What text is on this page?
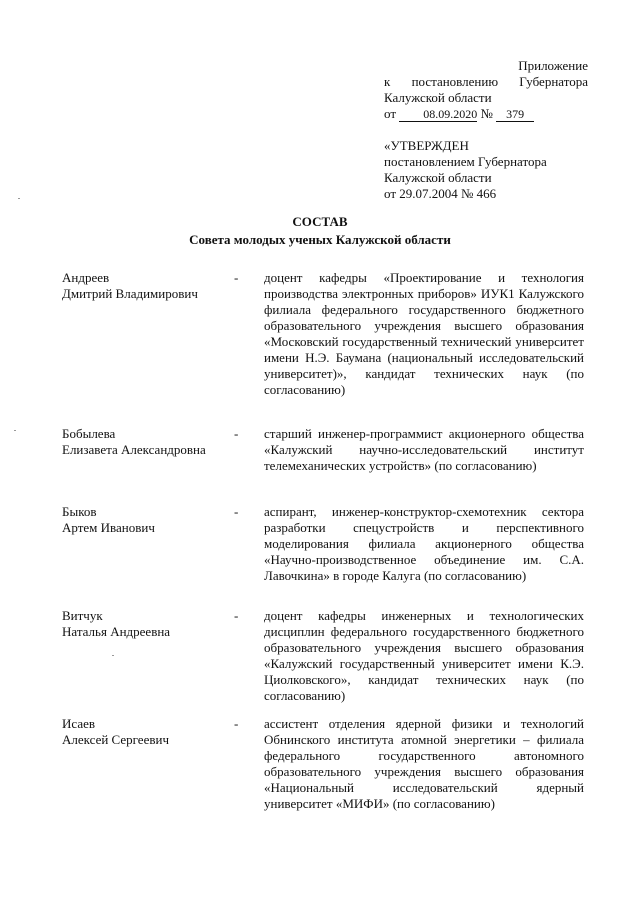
Приложение
к постановлению Губернатора
Калужской области
от 08.09.2020 № 379
«УТВЕРЖДЕН
постановлением Губернатора
Калужской области
от 29.07.2004 № 466
СОСТАВ
Совета молодых ученых Калужской области
Андреев
Дмитрий Владимирович
- доцент кафедры «Проектирование и технология производства электронных приборов» ИУК1 Калужского филиала федерального государственного бюджетного образовательного учреждения высшего образования «Московский государственный технический университет имени Н.Э. Баумана (национальный исследовательский университет)», кандидат технических наук (по согласованию)
Бобылева
Елизавета Александровна
- старший инженер-программист акционерного общества «Калужский научно-исследовательский институт телемеханических устройств» (по согласованию)
Быков
Артем Иванович
- аспирант, инженер-конструктор-схемотехник сектора разработки спецустройств и перспективного моделирования филиала акционерного общества «Научно-производственное объединение им. С.А. Лавочкина» в городе Калуга (по согласованию)
Витчук
Наталья Андреевна
- доцент кафедры инженерных и технологических дисциплин федерального государственного бюджетного образовательного учреждения высшего образования «Калужский государственный университет имени К.Э. Циолковского», кандидат технических наук (по согласованию)
Исаев
Алексей Сергеевич
- ассистент отделения ядерной физики и технологий Обнинского института атомной энергетики – филиала федерального государственного автономного образовательного учреждения высшего образования «Национальный исследовательский ядерный университет «МИФИ» (по согласованию)
